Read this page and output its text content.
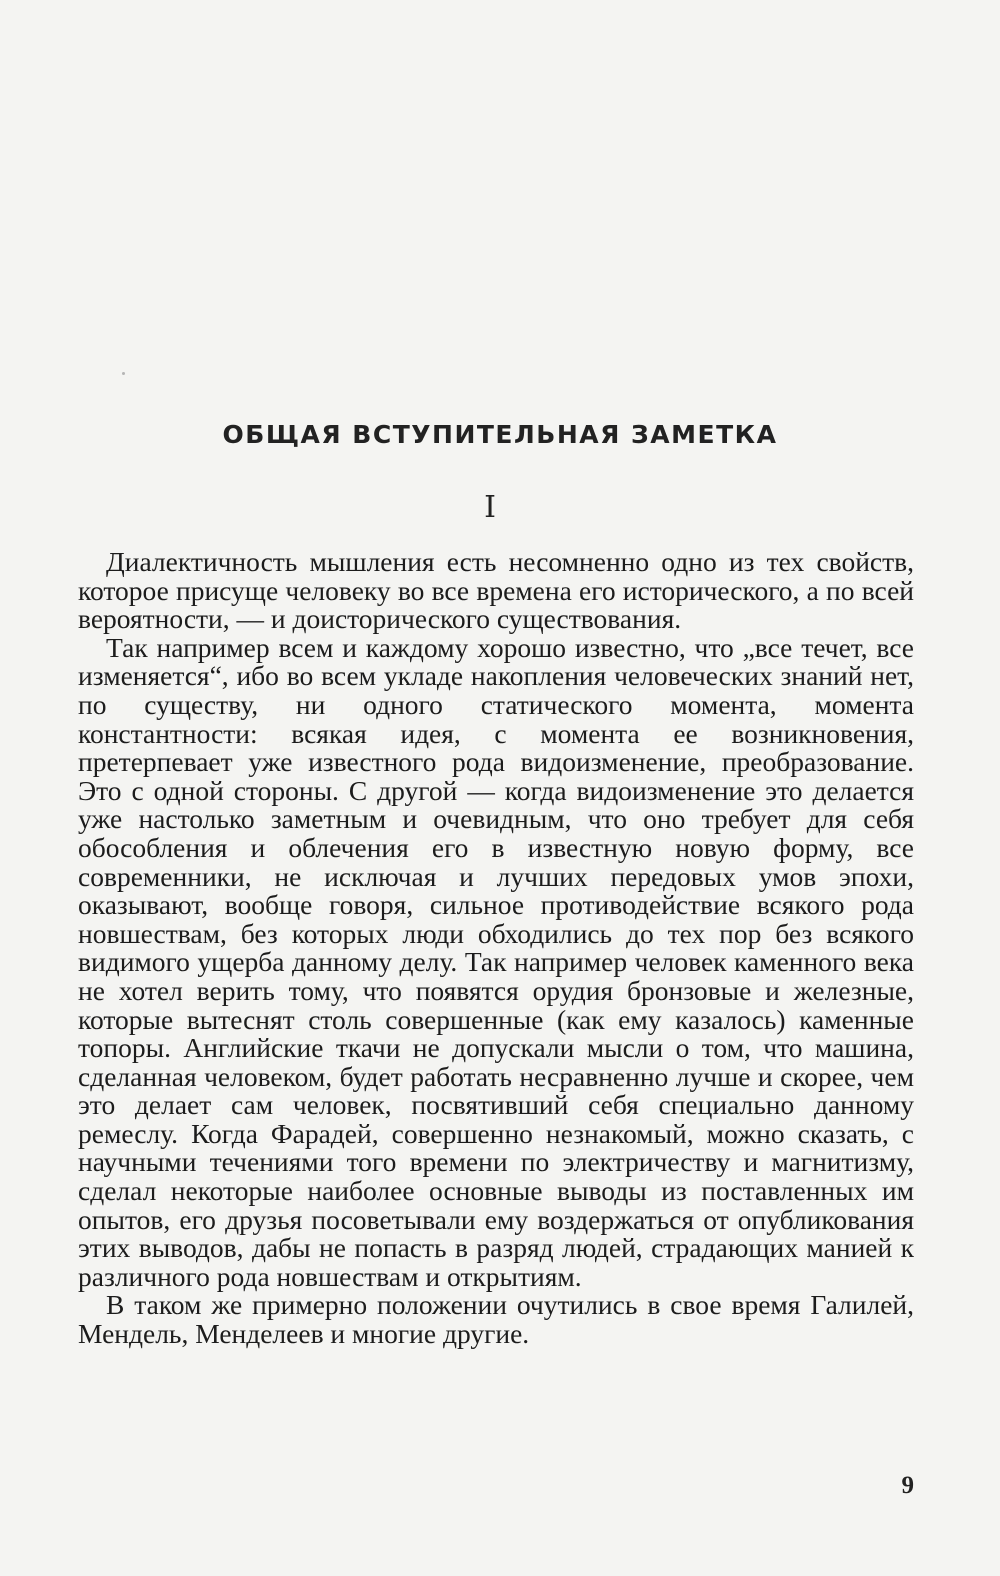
ОБЩАЯ ВСТУПИТЕЛЬНАЯ ЗАМЕТКА
I

Диалектичность мышления есть несомненно одно из тех свойств, которое присуще человеку во все времена его исторического, а по всей вероятности, — и доисторического существования.

Так например всем и каждому хорошо известно, что „все течет, все изменяется“, ибо во всем укладе накопления человеческих знаний нет, по существу, ни одного статического момента, момента константности: всякая идея, с момента ее возникновения, претерпевает уже известного рода видоизменение, преобразование. Это с одной стороны. С другой — когда видоизменение это делается уже настолько заметным и очевидным, что оно требует для себя обособления и облечения его в известную новую форму, все современники, не исключая и лучших передовых умов эпохи, оказывают, вообще говоря, сильное противодействие всякого рода новшествам, без которых люди обходились до тех пор без всякого видимого ущерба данному делу. Так например человек каменного века не хотел верить тому, что появятся орудия бронзовые и железные, которые вытеснят столь совершенные (как ему казалось) каменные топоры. Английские ткачи не допускали мысли о том, что машина, сделанная человеком, будет работать несравненно лучше и скорее, чем это делает сам человек, посвятивший себя специально данному ремеслу. Когда Фарадей, совершенно незнакомый, можно сказать, с научными течениями того времени по электричеству и магнитизму, сделал некоторые наиболее основные выводы из поставленных им опытов, его друзья посоветывали ему воздержаться от опубликования этих выводов, дабы не попасть в разряд людей, страдающих манией к различного рода новшествам и открытиям.

В таком же примерно положении очутились в свое время Галилей, Мендель, Менделеев и многие другие.

9
